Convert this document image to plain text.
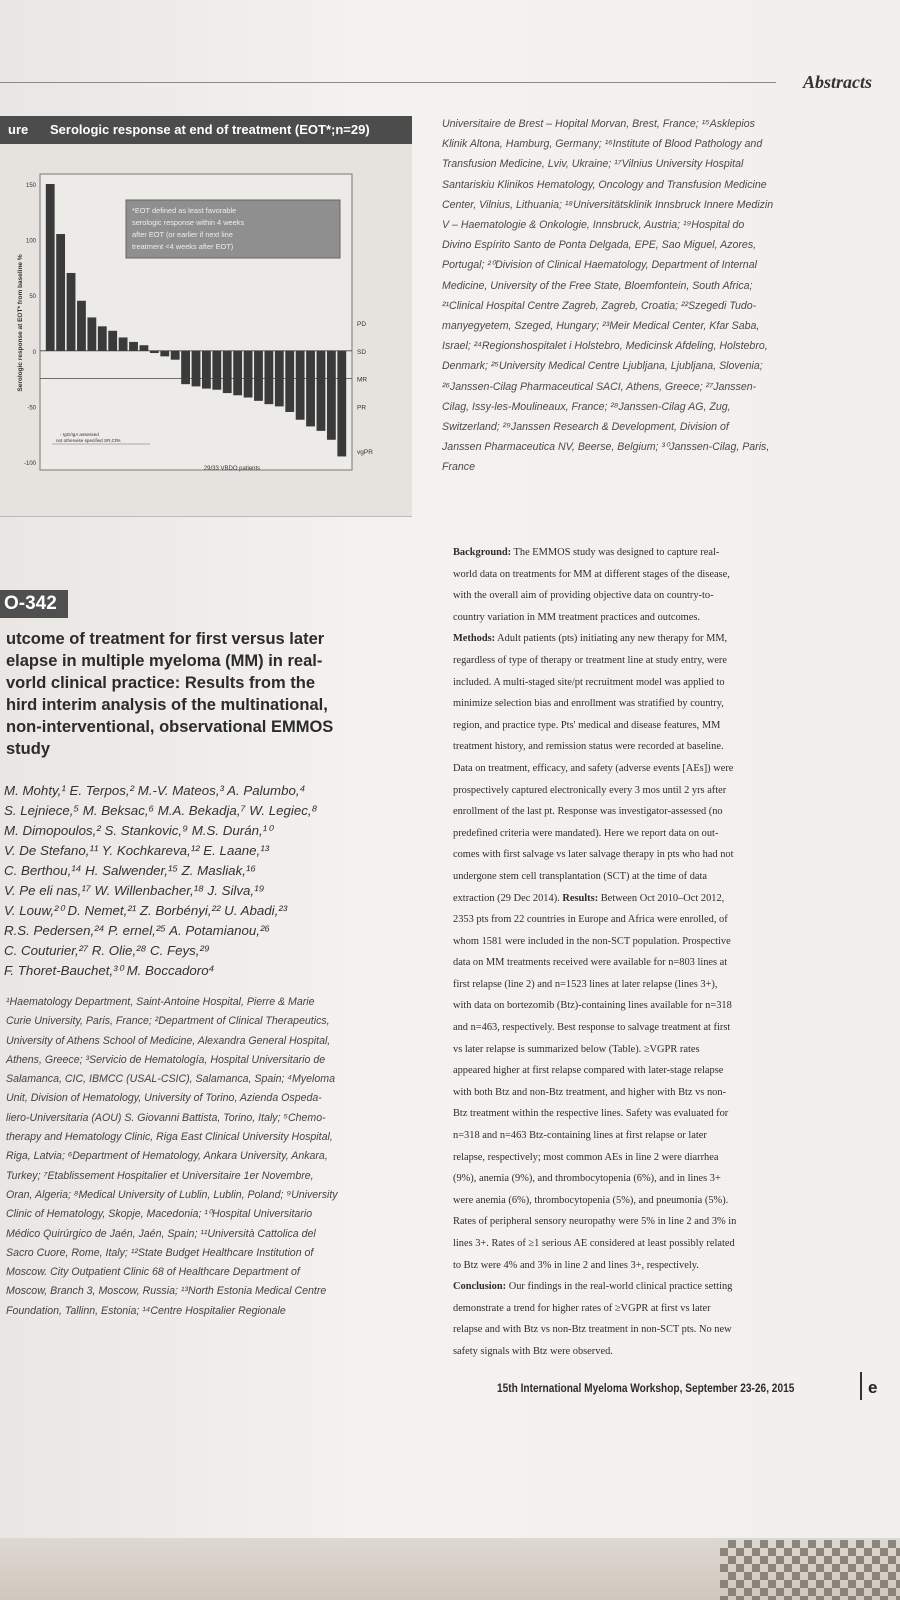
Abstracts
ure Serologic response at end of treatment (EOT*;n=29)
150
100
50
0
-50
-100
Serologic response at EOT* from baseline %	PD
SD
MR
PR
vgPR
*EOT defined as least favorable
serologic response within 4 weeks
after EOT (or earlier if next line
treatment <4 weeks after EOT)
- IgG/IgA assessed
not otherwise specified SR,CRs
29/33 VBDO patients
O-342
utcome of treatment for first versus later
elapse in multiple myeloma (MM) in real-
vorld clinical practice: Results from the
hird interim analysis of the multinational,
non-interventional, observational EMMOS
study
M. Mohty,¹ E. Terpos,² M.-V. Mateos,³ A. Palumbo,⁴
S. Lejniece,⁵ M. Beksac,⁶ M.A. Bekadja,⁷ W. Legiec,⁸
M. Dimopoulos,² S. Stankovic,⁹ M.S. Durán,¹⁰
V. De Stefano,¹¹ Y. Kochkareva,¹² E. Laane,¹³
C. Berthou,¹⁴ H. Salwender,¹⁵ Z. Masliak,¹⁶
V. Pe eli nas,¹⁷ W. Willenbacher,¹⁸ J. Silva,¹⁹
V. Louw,²⁰ D. Nemet,²¹ Z. Borbényi,²² U. Abadi,²³
R.S. Pedersen,²⁴ P. ernel,²⁵ A. Potamianou,²⁶
C. Couturier,²⁷ R. Olie,²⁸ C. Feys,²⁹
F. Thoret-Bauchet,³⁰ M. Boccadoro⁴
¹Haematology Department, Saint-Antoine Hospital, Pierre & Marie
Curie University, Paris, France; ²Department of Clinical Therapeutics,
University of Athens School of Medicine, Alexandra General Hospital,
Athens, Greece; ³Servicio de Hematología, Hospital Universitario de
Salamanca, CIC, IBMCC (USAL-CSIC), Salamanca, Spain; ⁴Myeloma
Unit, Division of Hematology, University of Torino, Azienda Ospeda-
liero-Universitaria (AOU) S. Giovanni Battista, Torino, Italy; ⁵Chemo-
therapy and Hematology Clinic, Riga East Clinical University Hospital,
Riga, Latvia; ⁶Department of Hematology, Ankara University, Ankara,
Turkey; ⁷Etablissement Hospitalier et Universitaire 1er Novembre,
Oran, Algeria; ⁸Medical University of Lublin, Lublin, Poland; ⁹University
Clinic of Hematology, Skopje, Macedonia; ¹⁰Hospital Universitario
Médico Quirúrgico de Jaén, Jaén, Spain; ¹¹Università Cattolica del
Sacro Cuore, Rome, Italy; ¹²State Budget Healthcare Institution of
Moscow. City Outpatient Clinic 68 of Healthcare Department of
Moscow, Branch 3, Moscow, Russia; ¹³North Estonia Medical Centre
Foundation, Tallinn, Estonia; ¹⁴Centre Hospitalier Regionale
Universitaire de Brest – Hopital Morvan, Brest, France; ¹⁵Asklepios
Klinik Altona, Hamburg, Germany; ¹⁶Institute of Blood Pathology and
Transfusion Medicine, Lviv, Ukraine; ¹⁷Vilnius University Hospital
Santariskiu Klinikos Hematology, Oncology and Transfusion Medicine
Center, Vilnius, Lithuania; ¹⁸Universitätsklinik Innsbruck Innere Medizin
V – Haematologie & Onkologie, Innsbruck, Austria; ¹⁹Hospital do
Divino Espírito Santo de Ponta Delgada, EPE, Sao Miguel, Azores,
Portugal; ²⁰Division of Clinical Haematology, Department of Internal
Medicine, University of the Free State, Bloemfontein, South Africa;
²¹Clinical Hospital Centre Zagreb, Zagreb, Croatia; ²²Szegedi Tudo-
manyegyetem, Szeged, Hungary; ²³Meir Medical Center, Kfar Saba,
Israel; ²⁴Regionshospitalet i Holstebro, Medicinsk Afdeling, Holstebro,
Denmark; ²⁵University Medical Centre Ljubljana, Ljubljana, Slovenia;
²⁶Janssen-Cilag Pharmaceutical SACI, Athens, Greece; ²⁷Janssen-
Cilag, Issy-les-Moulineaux, France; ²⁸Janssen-Cilag AG, Zug,
Switzerland; ²⁹Janssen Research & Development, Division of
Janssen Pharmaceutica NV, Beerse, Belgium; ³⁰Janssen-Cilag, Paris,
France
Background: The EMMOS study was designed to capture real-
world data on treatments for MM at different stages of the disease,
with the overall aim of providing objective data on country-to-
country variation in MM treatment practices and outcomes.
Methods: Adult patients (pts) initiating any new therapy for MM,
regardless of type of therapy or treatment line at study entry, were
included. A multi-staged site/pt recruitment model was applied to
minimize selection bias and enrollment was stratified by country,
region, and practice type. Pts' medical and disease features, MM
treatment history, and remission status were recorded at baseline.
Data on treatment, efficacy, and safety (adverse events [AEs]) were
prospectively captured electronically every 3 mos until 2 yrs after
enrollment of the last pt. Response was investigator-assessed (no
predefined criteria were mandated). Here we report data on out-
comes with first salvage vs later salvage therapy in pts who had not
undergone stem cell transplantation (SCT) at the time of data
extraction (29 Dec 2014). Results: Between Oct 2010–Oct 2012,
2353 pts from 22 countries in Europe and Africa were enrolled, of
whom 1581 were included in the non-SCT population. Prospective
data on MM treatments received were available for n=803 lines at
first relapse (line 2) and n=1523 lines at later relapse (lines 3+),
with data on bortezomib (Btz)-containing lines available for n=318
and n=463, respectively. Best response to salvage treatment at first
vs later relapse is summarized below (Table). ≥VGPR rates
appeared higher at first relapse compared with later-stage relapse
with both Btz and non-Btz treatment, and higher with Btz vs non-
Btz treatment within the respective lines. Safety was evaluated for
n=318 and n=463 Btz-containing lines at first relapse or later
relapse, respectively; most common AEs in line 2 were diarrhea
(9%), anemia (9%), and thrombocytopenia (6%), and in lines 3+
were anemia (6%), thrombocytopenia (5%), and pneumonia (5%).
Rates of peripheral sensory neuropathy were 5% in line 2 and 3% in
lines 3+. Rates of ≥1 serious AE considered at least possibly related
to Btz were 4% and 3% in line 2 and lines 3+, respectively.
Conclusion: Our findings in the real-world clinical practice setting
demonstrate a trend for higher rates of ≥VGPR at first vs later
relapse and with Btz vs non-Btz treatment in non-SCT pts. No new
safety signals with Btz were observed.
15th International Myeloma Workshop, September 23-26, 2015	e
